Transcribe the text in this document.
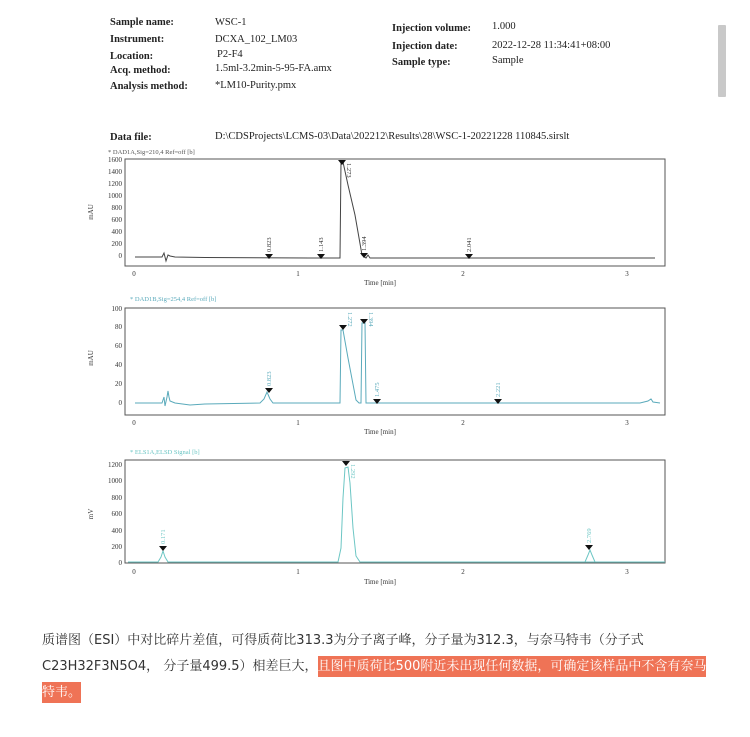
Sample name:	WSC-1
Instrument:	DCXA_102_LM03
Location:	P2-F4
Acq. method:	1.5ml-3.2min-5-95-FA.amx
Analysis method:	*LM10-Purity.pmx
Injection volume: 1.000
Injection date:	2022-12-28 11:34:41+08:00
Sample type:	Sample
Data file:	D:\CDSProjects\LCMS-03\Data\202212\Results\28\WSC-1-20221228 110845.sirslt
* DAD1A,Sig=210,4 Ref=off [b]
1600
1400
1200
1000
800
600
400
200
0
mAU
0	1	2	3
Time [min]
0.823	1.143
1.273
1.394	2.041
* DAD1B,Sig=254,4 Ref=off [b]
100
80
60
40
20
0
mAU
0	1	2	3
Time [min]
0.823
1.272 1.394
1.475	2.221
* ELS1A,ELSD Signal [b]
1200
1000
800
600
400
200
0
mV
0	1	2	3
Time [min]
0.171
1.292
2.769
质谱图（ESI）中对比碎片差值，可得质荷比313.3为分子离子峰，分子量为312.3，与奈马特韦（分子式C23H32F3N5O4， 分子量499.5）相差巨大，且图中质荷比500附近未出现任何数据，可确定该样品中不含有奈马特韦。
